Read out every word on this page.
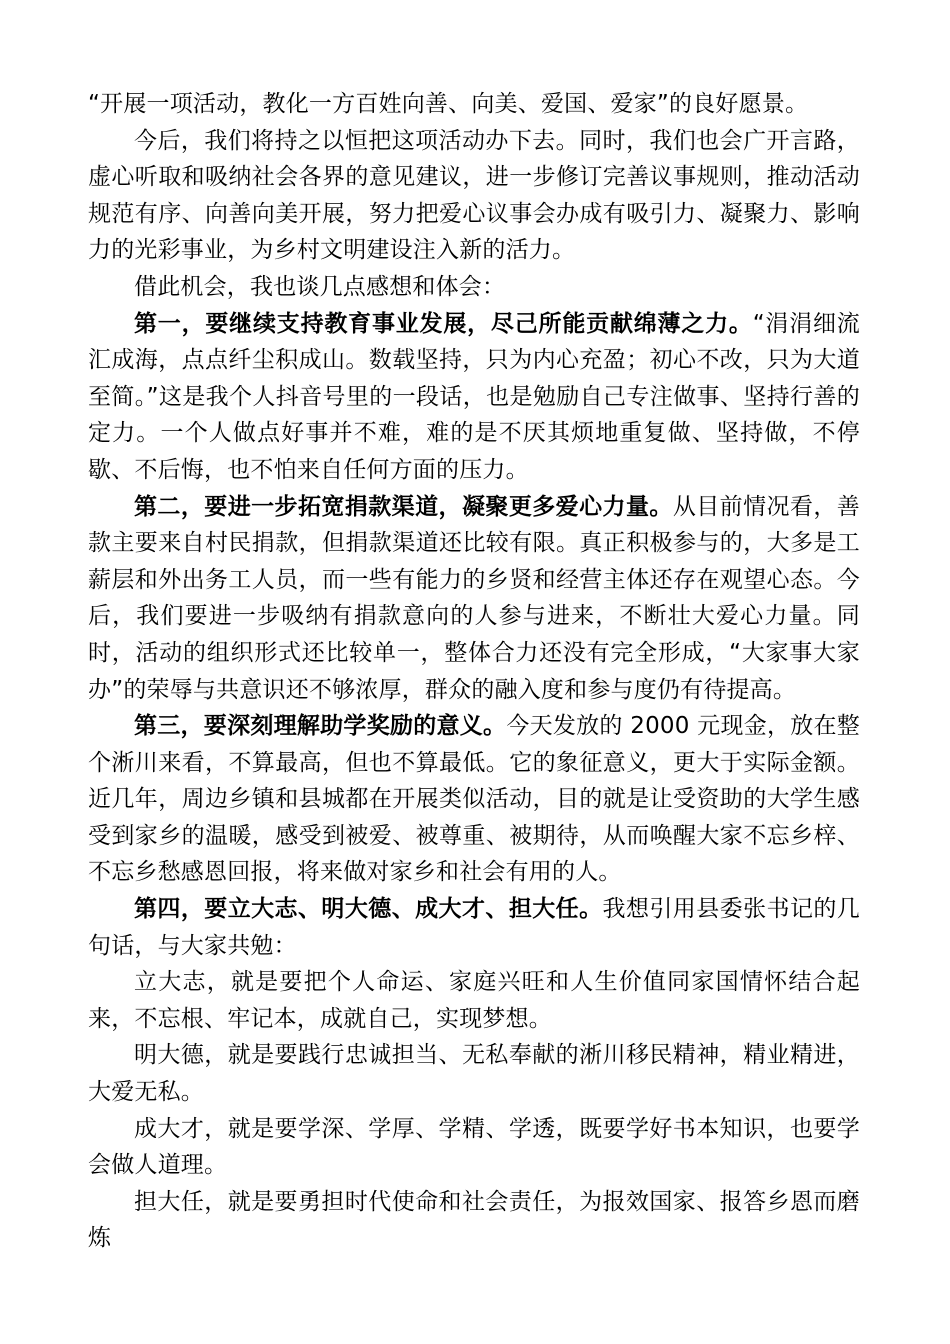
“开展一项活动，教化一方百姓向善、向美、爱国、爱家”的良好愿景。

今后，我们将持之以恒把这项活动办下去。同时，我们也会广开言路，虚心听取和吸纳社会各界的意见建议，进一步修订完善议事规则，推动活动规范有序、向善向美开展，努力把爱心议事会办成有吸引力、凝聚力、影响力的光彩事业，为乡村文明建设注入新的活力。

借此机会，我也谈几点感想和体会：

第一，要继续支持教育事业发展，尽己所能贡献绵薄之力。“涓涓细流汇成海，点点纤尘积成山。数载坚持，只为内心充盈；初心不改，只为大道至简。”这是我个人抖音号里的一段话，也是勉励自己专注做事、坚持行善的定力。一个人做点好事并不难，难的是不厌其烦地重复做、坚持做，不停歇、不后悔，也不怕来自任何方面的压力。

第二，要进一步拓宽捐款渠道，凝聚更多爱心力量。从目前情况看，善款主要来自村民捐款，但捐款渠道还比较有限。真正积极参与的，大多是工薪层和外出务工人员，而一些有能力的乡贤和经营主体还存在观望心态。今后，我们要进一步吸纳有捐款意向的人参与进来，不断壮大爱心力量。同时，活动的组织形式还比较单一，整体合力还没有完全形成，“大家事大家办”的荣辱与共意识还不够浓厚，群众的融入度和参与度仍有待提高。

第三，要深刻理解助学奖励的意义。今天发放的 2000 元现金，放在整个淅川来看，不算最高，但也不算最低。它的象征意义，更大于实际金额。近几年，周边乡镇和县城都在开展类似活动，目的就是让受资助的大学生感受到家乡的温暖，感受到被爱、被尊重、被期待，从而唤醒大家不忘乡梓、不忘乡愁感恩回报，将来做对家乡和社会有用的人。

第四，要立大志、明大德、成大才、担大任。我想引用县委张书记的几句话，与大家共勉：

立大志，就是要把个人命运、家庭兴旺和人生价值同家国情怀结合起来，不忘根、牢记本，成就自己，实现梦想。

明大德，就是要践行忠诚担当、无私奉献的淅川移民精神，精业精进，大爱无私。

成大才，就是要学深、学厚、学精、学透，既要学好书本知识，也要学会做人道理。

担大任，就是要勇担时代使命和社会责任，为报效国家、报答乡恩而磨炼
